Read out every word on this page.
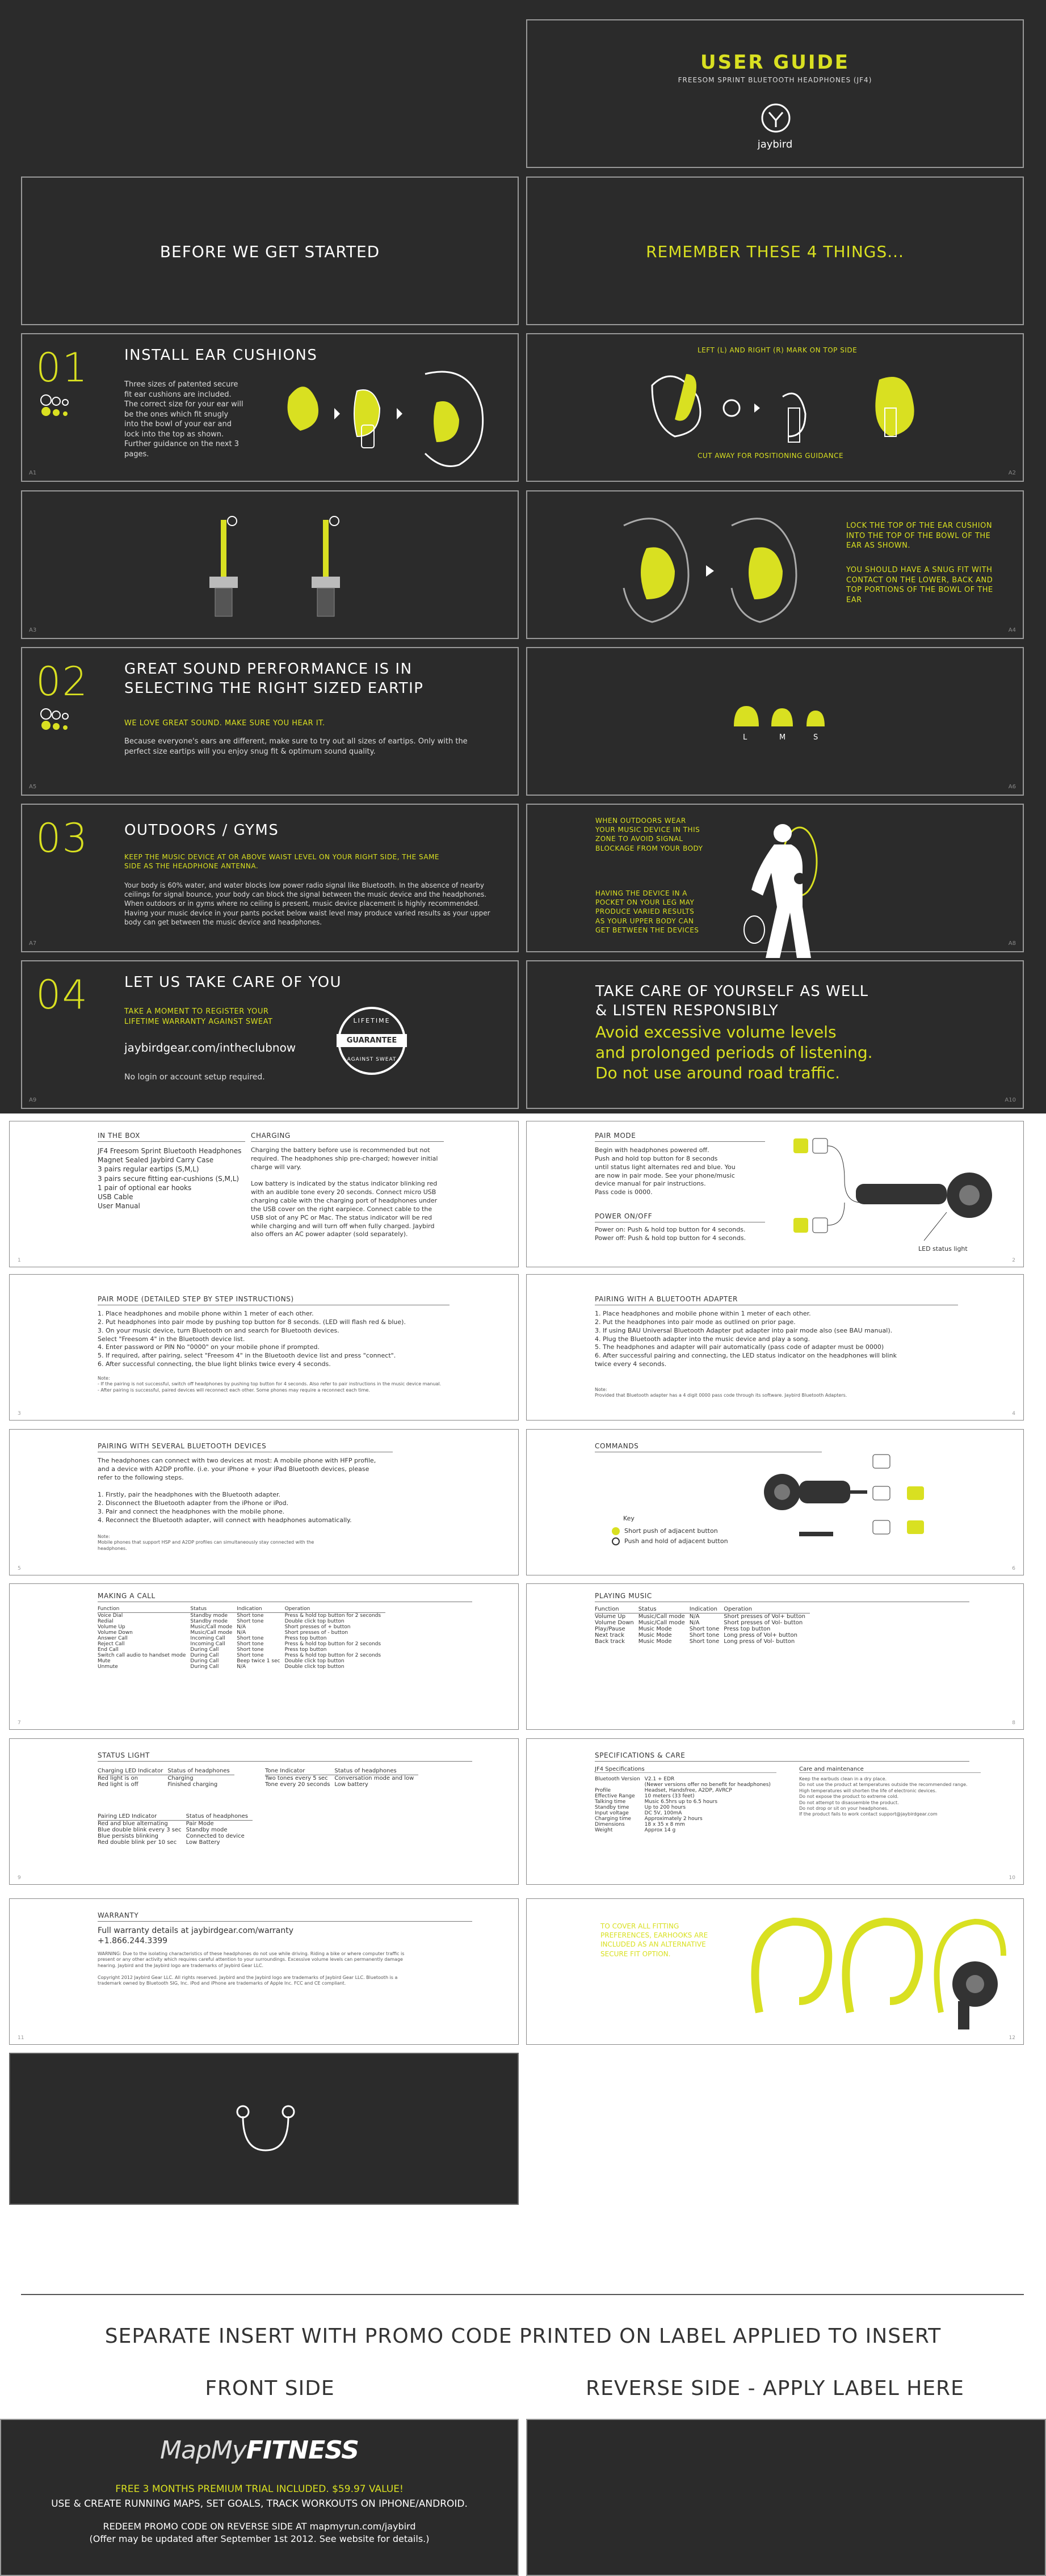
USER GUIDE
FREESOM SPRINT BLUETOOTH HEADPHONES (JF4)
jaybird
BEFORE WE GET STARTED	REMEMBER THESE 4 THINGS...
01 INSTALL EAR CUSHIONS
Three sizes of patented secure fit ear cushions are included. The correct size for your ear will be the ones which fit snugly into the bowl of your ear and lock into the top as shown. Further guidance on the next 3 pages.
A1
LEFT (L) AND RIGHT (R) MARK ON TOP SIDE
CUT AWAY FOR POSITIONING GUIDANCE
A2
A3
LOCK THE TOP OF THE EAR CUSHION INTO THE TOP OF THE BOWL OF THE EAR AS SHOWN.
YOU SHOULD HAVE A SNUG FIT WITH CONTACT ON THE LOWER, BACK AND TOP PORTIONS OF THE BOWL OF THE EAR
A4
02 GREAT SOUND PERFORMANCE IS IN
SELECTING THE RIGHT SIZED EARTIP
WE LOVE GREAT SOUND. MAKE SURE YOU HEAR IT.
Because everyone's ears are different, make sure to try out all sizes of eartips. Only with the perfect size eartips will you enjoy snug fit & optimum sound quality.
A5
L	M	S
A6
03 OUTDOORS / GYMS
KEEP THE MUSIC DEVICE AT OR ABOVE WAIST LEVEL ON YOUR RIGHT SIDE, THE SAME SIDE AS THE HEADPHONE ANTENNA.
Your body is 60% water, and water blocks low power radio signal like Bluetooth. In the absence of nearby ceilings for signal bounce, your body can block the signal between the music device and the headphones. When outdoors or in gyms where no ceiling is present, music device placement is highly recommended. Having your music device in your pants pocket below waist level may produce varied results as your upper body can get between the music device and headphones.
A7
WHEN OUTDOORS WEAR YOUR MUSIC DEVICE IN THIS ZONE TO AVOID SIGNAL BLOCKAGE FROM YOUR BODY
HAVING THE DEVICE IN A POCKET ON YOUR LEG MAY PRODUCE VARIED RESULTS AS YOUR UPPER BODY CAN GET BETWEEN THE DEVICES
A8
04 LET US TAKE CARE OF YOU
TAKE A MOMENT TO REGISTER YOUR
LIFETIME WARRANTY AGAINST SWEAT
jaybirdgear.com/intheclubnow
No login or account setup required.
LIFETIME
GUARANTEE
AGAINST SWEAT
A9
TAKE CARE OF YOURSELF AS WELL
& LISTEN RESPONSIBLY
Avoid excessive volume levels
and prolonged periods of listening.
Do not use around road traffic.
A10
IN THE BOX
JF4 Freesom Sprint Bluetooth Headphones
Magnet Sealed Jaybird Carry Case
3 pairs regular eartips (S,M,L)
3 pairs secure fitting ear-cushions (S,M,L)
1 pair of optional ear hooks
USB Cable
User Manual
CHARGING
Charging the battery before use is recommended but not required. The headphones ship pre-charged; however initial charge will vary.

Low battery is indicated by the status indicator blinking red with an audible tone every 20 seconds. Connect micro USB charging cable with the charging port of headphones under the USB cover on the right earpiece. Connect cable to the USB slot of any PC or Mac. The status indicator will be red while charging and will turn off when fully charged. Jaybird also offers an AC power adapter (sold separately).
1
PAIR MODE
Begin with headphones powered off.
Push and hold top button for 8 seconds
until status light alternates red and blue. You
are now in pair mode. See your phone/music
device manual for pair instructions.
Pass code is 0000.
POWER ON/OFF
Power on: Push & hold top button for 4 seconds.
Power off: Push & hold top button for 4 seconds.
LED status light
2
PAIR MODE (DETAILED STEP BY STEP INSTRUCTIONS)
1. Place headphones and mobile phone within 1 meter of each other.
2. Put headphones into pair mode by pushing top button for 8 seconds. (LED will flash red & blue).
3. On your music device, turn Bluetooth on and search for Bluetooth devices.
Select "Freesom 4" in the Bluetooth device list.
4. Enter password or PIN No "0000" on your mobile phone if prompted.
5. If required, after pairing, select "Freesom 4" in the Bluetooth device list and press "connect".
6. After successful connecting, the blue light blinks twice every 4 seconds.
Note:
- If the pairing is not successful, switch off headphones by pushing top button for 4 seconds. Also refer to pair instructions in the music device manual.
- After pairing is successful, paired devices will reconnect each other. Some phones may require a reconnect each time.
3
PAIRING WITH A BLUETOOTH ADAPTER
1. Place headphones and mobile phone within 1 meter of each other.
2. Put the headphones into pair mode as outlined on prior page.
3. If using BAU Universal Bluetooth Adapter put adapter into pair mode also (see BAU manual).
4. Plug the Bluetooth adapter into the music device and play a song.
5. The headphones and adapter will pair automatically (pass code of adapter must be 0000)
6. After successful pairing and connecting, the LED status indicator on the headphones will blink
twice every 4 seconds.
Note:
Provided that Bluetooth adapter has a 4 digit 0000 pass code through its software. Jaybird Bluetooth Adapters.
4
PAIRING WITH SEVERAL BLUETOOTH DEVICES
The headphones can connect with two devices at most: A mobile phone with HFP profile, and a device with A2DP profile. (i.e. your iPhone + your iPad Bluetooth devices, please refer to the following steps.
1. Firstly, pair the headphones with the Bluetooth adapter.
2. Disconnect the Bluetooth adapter from the iPhone or iPod.
3. Pair and connect the headphones with the mobile phone.
4. Reconnect the Bluetooth adapter, will connect with headphones automatically.
Note:
Mobile phones that support HSP and A2DP profiles can simultaneously stay connected with the headphones.
5
COMMANDS
Key
Short push of adjacent button
Push and hold of adjacent button
6
MAKING A CALL
Function	Status	Indication	Operation
Voice Dial	Standby mode	Short tone	Press & hold top button for 2 seconds
Redial	Standby mode	Short tone	Double click top button
Volume Up	Music/Call mode	N/A	Short presses of + button
Volume Down	Music/Call mode	N/A	Short presses of - button
Answer Call	Incoming Call	Short tone	Press top button
Reject Call	Incoming Call	Short tone	Press & hold top button for 2 seconds
End Call	During Call	Short tone	Press top button
Switch call audio to handset mode	During Call	Short tone	Press & hold top button for 2 seconds
Mute	During Call	Beep twice 1 sec	Double click top button
Unmute	During Call	N/A	Double click top button
7
PLAYING MUSIC
Function	Status	Indication	Operation
Volume Up	Music/Call mode	N/A	Short presses of Vol+ button
Volume Down	Music/Call mode	N/A	Short presses of Vol- button
Play/Pause	Music Mode	Short tone	Press top button
Next track	Music Mode	Short tone	Long press of Vol+ button
Back track	Music Mode	Short tone	Long press of Vol- button
8
STATUS LIGHT
Charging LED Indicator	Status of headphones
Red light is on	Charging
Red light is off	Finished charging
Tone Indicator	Status of headphones
Two tones every 5 sec	Conversation mode and low
Tone every 20 seconds	Low battery
Pairing LED Indicator	Status of headphones
Red and blue alternating	Pair Mode
Blue double blink every 3 sec	Standby mode
Blue persists blinking	Connected to device
Red double blink per 10 sec	Low Battery
9
SPECIFICATIONS & CARE
JF4 Specifications
Bluetooth Version	V2.1 + EDR
	(Newer versions offer no benefit for headphones)
Profile	Headset, Handsfree, A2DP, AVRCP
Effective Range	10 meters (33 feet)
Talking time	Music 6.5hrs up to 6.5 hours
Standby time	Up to 200 hours
Input voltage	DC 5V, 100mA
Charging time	Approximately 2 hours
Dimensions	18 x 35 x 8 mm
Weight	Approx 14 g
Care and maintenance
Keep the earbuds clean in a dry place.
Do not use the product at temperatures outside the recommended range.
High temperatures will shorten the life of electronic devices.
Do not expose the product to extreme cold.
Do not attempt to disassemble the product.
Do not drop or sit on your headphones.
If the product fails to work contact support@jaybirdgear.com
10
WARRANTY
Full warranty details at jaybirdgear.com/warranty
+1.866.244.3399
WARNING: Due to the isolating characteristics of these headphones do not use while driving. Riding a bike or where computer traffic is present or any other activity which requires careful attention to your surroundings. Excessive volume levels can permanently damage hearing. Jaybird and the Jaybird logo are trademarks of Jaybird Gear LLC.

Copyright 2012 Jaybird Gear LLC. All rights reserved. Jaybird and the Jaybird logo are trademarks of Jaybird Gear LLC. Bluetooth is a trademark owned by Bluetooth SIG, Inc. iPod and iPhone are trademarks of Apple Inc. FCC and CE compliant.
11
TO COVER ALL FITTING PREFERENCES, EARHOOKS ARE INCLUDED AS AN ALTERNATIVE SECURE FIT OPTION.
12
SEPARATE INSERT WITH PROMO CODE PRINTED ON LABEL APPLIED TO INSERT
FRONT SIDE	REVERSE SIDE - APPLY LABEL HERE
MapMyFITNESS
FREE 3 MONTHS PREMIUM TRIAL INCLUDED. $59.97 VALUE!
USE & CREATE RUNNING MAPS, SET GOALS, TRACK WORKOUTS ON IPHONE/ANDROID.
REDEEM PROMO CODE ON REVERSE SIDE AT mapmyrun.com/jaybird
(Offer may be updated after September 1st 2012. See website for details.)
